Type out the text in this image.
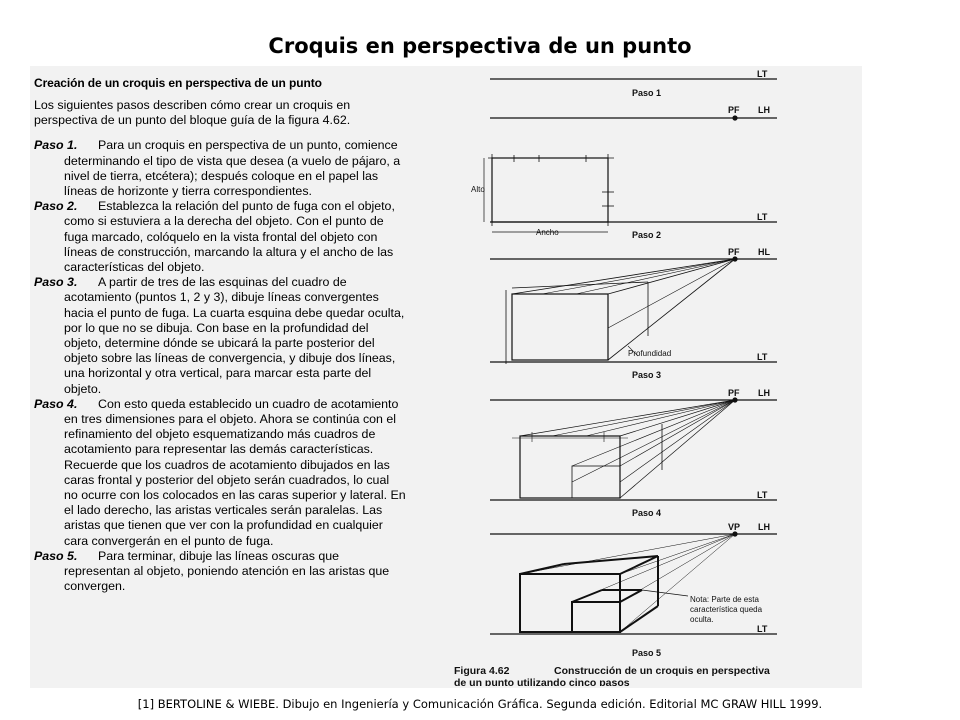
Croquis en perspectiva de un punto

Creación de un croquis en perspectiva de un punto

Los siguientes pasos describen cómo crear un croquis en perspectiva de un punto del bloque guía de la figura 4.62.

Paso 1. Para un croquis en perspectiva de un punto, comience determinando el tipo de vista que desea (a vuelo de pájaro, a nivel de tierra, etcétera); después coloque en el papel las líneas de horizonte y tierra correspondientes.

Paso 2. Establezca la relación del punto de fuga con el objeto, como si estuviera a la derecha del objeto. Con el punto de fuga marcado, colóquelo en la vista frontal del objeto con líneas de construcción, marcando la altura y el ancho de las características del objeto.

Paso 3. A partir de tres de las esquinas del cuadro de acotamiento (puntos 1, 2 y 3), dibuje líneas convergentes hacia el punto de fuga. La cuarta esquina debe quedar oculta, por lo que no se dibuja. Con base en la profundidad del objeto, determine dónde se ubicará la parte posterior del objeto sobre las líneas de convergencia, y dibuje dos líneas, una horizontal y otra vertical, para marcar esta parte del objeto.

Paso 4. Con esto queda establecido un cuadro de acotamiento en tres dimensiones para el objeto. Ahora se continúa con el refinamiento del objeto esquematizando más cuadros de acotamiento para representar las demás características. Recuerde que los cuadros de acotamiento dibujados en las caras frontal y posterior del objeto serán cuadrados, lo cual no ocurre con los colocados en las caras superior y lateral. En el lado derecho, las aristas verticales serán paralelas. Las aristas que tienen que ver con la profundidad en cualquier cara convergerán en el punto de fuga.

Paso 5. Para terminar, dibuje las líneas oscuras que representan al objeto, poniendo atención en las aristas que convergen.

LT
Paso 1
PF LH
LT
Paso 2
Alto
Ancho
PF HL
Profundidad	LT
Paso 3
PF LH
LT
Paso 4
VP LH
LT
Paso 5
Nota: Parte de esta
característica queda
oculta.
Figura 4.62	Construcción de un croquis en perspectiva
de un punto utilizando cinco pasos
[1] BERTOLINE & WIEBE. Dibujo en Ingeniería y Comunicación Gráfica. Segunda edición. Editorial MC GRAW HILL 1999.
